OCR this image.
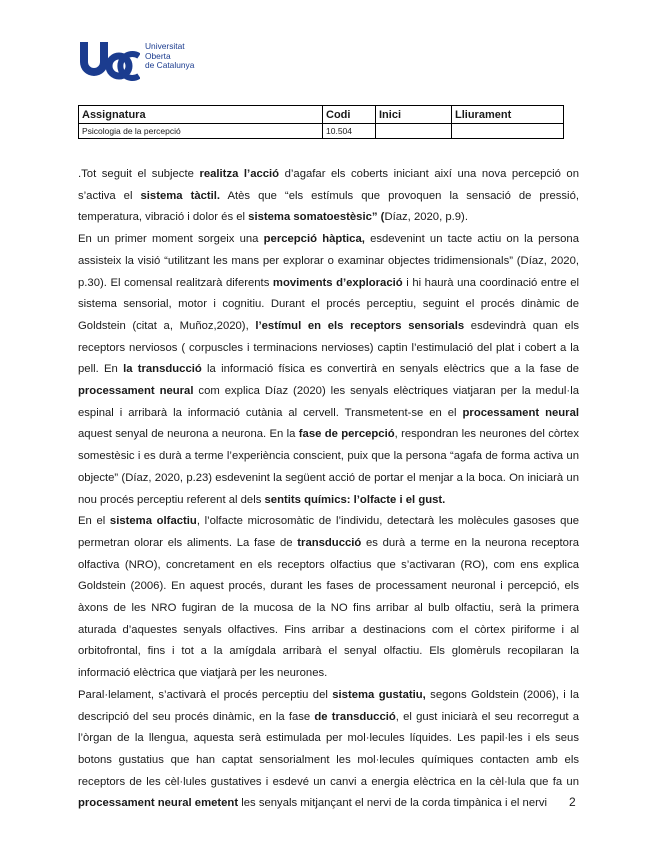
Universitat
Oberta
de Catalunya
Assignatura	Codi	Inici	Lliurament
Psicologia de la percepció	10.504		

.Tot seguit el subjecte realitza l’acció d’agafar els coberts iniciant així una nova percepció on s’activa el sistema tàctil. Atès que “els estímuls que provoquen la sensació de pressió, temperatura, vibració i dolor és el sistema somatoestèsic” (Díaz, 2020, p.9).

En un primer moment sorgeix una percepció hàptica, esdevenint un tacte actiu on la persona assisteix la visió “utilitzant les mans per explorar o examinar objectes tridimensionals” (Díaz, 2020, p.30). El comensal realitzarà diferents moviments d’exploració i hi haurà una coordinació entre el sistema sensorial, motor i cognitiu. Durant el procés perceptiu, seguint el procés dinàmic de Goldstein (citat a, Muñoz,2020), l’estímul en els receptors sensorials esdevindrà quan els receptors nerviosos ( corpuscles i terminacions nervioses) captin l’estimulació del plat i cobert a la pell. En la transducció la informació física es convertirà en senyals elèctrics que a la fase de processament neural com explica Díaz (2020) les senyals elèctriques viatjaran per la medul·la espinal i arribarà la informació cutània al cervell. Transmetent-se en el processament neural aquest senyal de neurona a neurona. En la fase de percepció, respondran les neurones del còrtex somestèsic i es durà a terme l’experiència conscient, puix que la persona “agafa de forma activa un objecte” (Díaz, 2020, p.23) esdevenint la següent acció de portar el menjar a la boca. On iniciarà un nou procés perceptiu referent al dels sentits químics: l’olfacte i el gust.

En el sistema olfactiu, l’olfacte microsomàtic de l’individu, detectarà les molècules gasoses que permetran olorar els aliments. La fase de transducció es durà a terme en la neurona receptora olfactiva (NRO), concretament en els receptors olfactius que s’activaran (RO), com ens explica Goldstein (2006). En aquest procés, durant les fases de processament neuronal i percepció, els àxons de les NRO fugiran de la mucosa de la NO fins arribar al bulb olfactiu, serà la primera aturada d’aquestes senyals olfactives. Fins arribar a destinacions com el còrtex piriforme i al orbitofrontal, fins i tot a la amígdala arribarà el senyal olfactiu. Els glomèruls recopilaran la informació elèctrica que viatjarà per les neurones.

Paral·lelament, s’activarà el procés perceptiu del sistema gustatiu, segons Goldstein (2006), i la descripció del seu procés dinàmic, en la fase de transducció, el gust iniciarà el seu recorregut a l’òrgan de la llengua, aquesta serà estimulada per mol·lecules líquides. Les papil·les i els seus botons gustatius que han captat sensorialment les mol·lecules químiques contacten amb els receptors de les cèl·lules gustatives i esdevé un canvi a energia elèctrica en la cèl·lula que fa un processament neural emetent les senyals mitjançant el nervi de la corda timpànica i el nervi	2
